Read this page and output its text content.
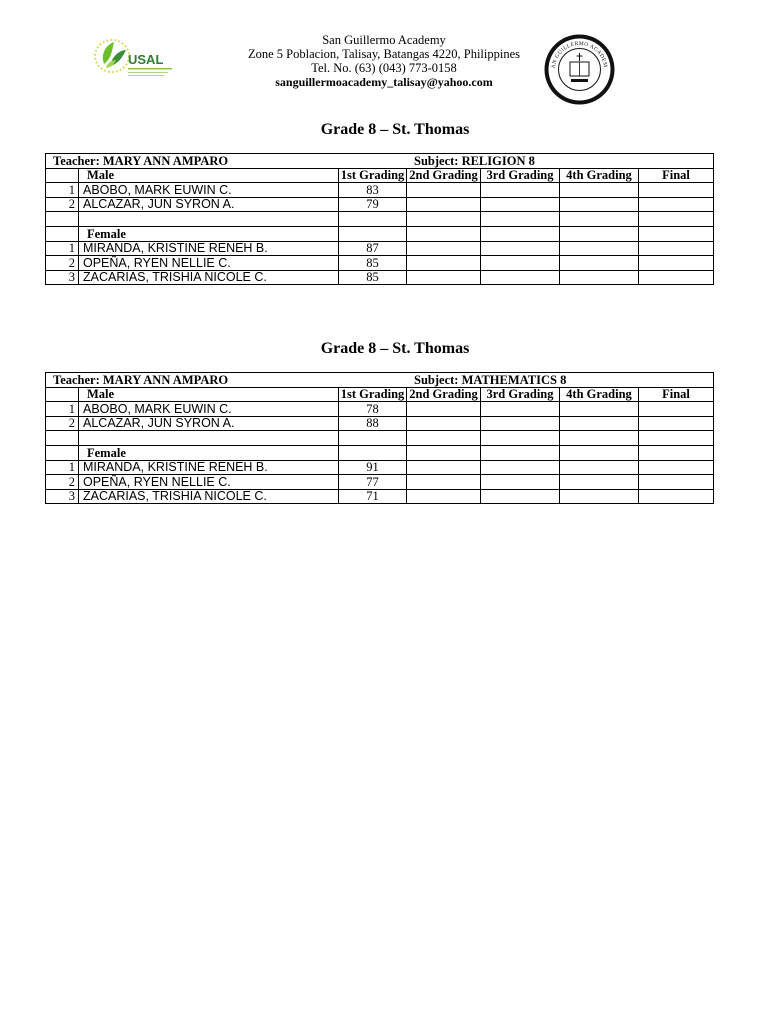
USAL
San Guillermo Academy
Zone 5 Poblacion, Talisay, Batangas 4220, Philippines
Tel. No. (63) (043) 773-0158
sanguillermoacademy_talisay@yahoo.com
AN GUILLERMO ACADEM
Grade 8 – St. Thomas
Teacher: MARY ANN AMPARO Subject: RELIGION 8						

	Male	1st Grading	2nd Grading	3rd Grading	4th Grading	Final
1	ABOBO, MARK EUWIN C.	83				
2	ALCAZAR, JUN SYRON A.	79				

	Female					
1	MIRANDA, KRISTINE RENEH B.	87				
2	OPEÑA, RYEN NELLIE C.	85				
3	ZACARIAS, TRISHIA NICOLE C.	85				
Grade 8 – St. Thomas
Teacher: MARY ANN AMPARO Subject: MATHEMATICS 8						

	Male	1st Grading	2nd Grading	3rd Grading	4th Grading	Final
1	ABOBO, MARK EUWIN C.	78				
2	ALCAZAR, JUN SYRON A.	88				

	Female					
1	MIRANDA, KRISTINE RENEH B.	91				
2	OPEÑA, RYEN NELLIE C.	77				
3	ZACARIAS, TRISHIA NICOLE C.	71				
